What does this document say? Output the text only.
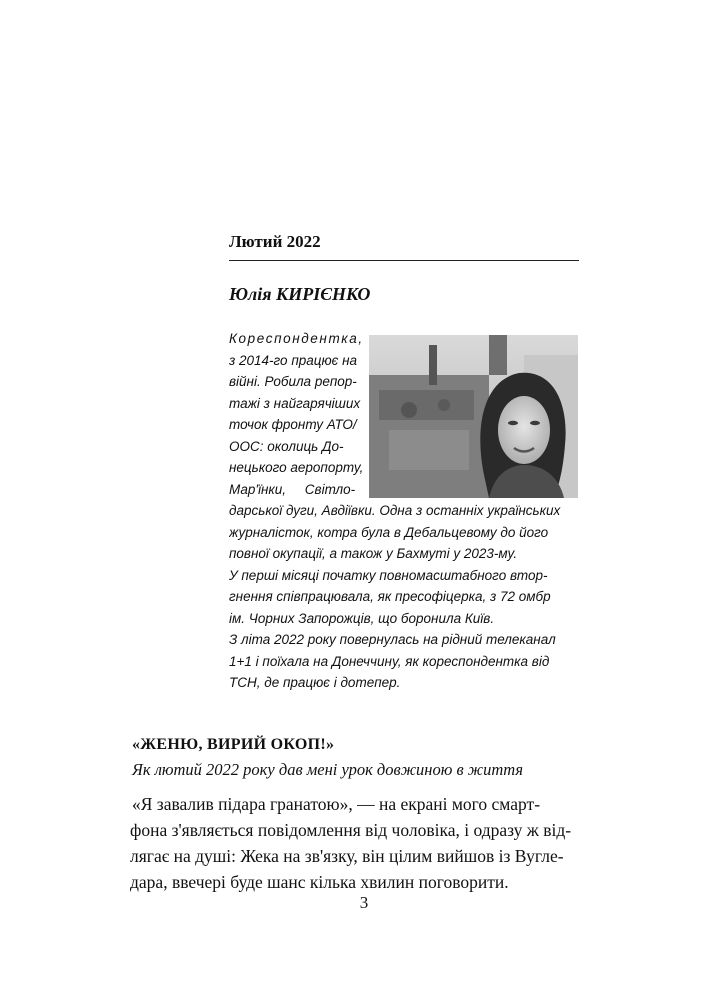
Лютий 2022
Юлія КИРІЄНКО
Кореспондентка,
з 2014-го працює на
війні. Робила репор-
тажі з найгарячіших
точок фронту АТО/
ООС: околиць До-
нецького аеропорту,
Мар'їнки,     Світло-
дарської дуги, Авдіївки. Одна з останніх українських
журналісток, котра була в Дебальцевому до його
повної окупації, а також у Бахмуті у 2023-му.
У перші місяці початку повномасштабного втор-
гнення співпрацювала, як пресофіцерка, з 72 омбр
ім. Чорних Запорожців, що боронила Київ.
З літа 2022 року повернулась на рідний телеканал
1+1 і поїхала на Донеччину, як кореспондентка від
ТСН, де працює і дотепер.
«ЖЕНЮ, ВИРИЙ ОКОП!»
Як лютий 2022 року дав мені урок довжиною в життя
«Я завалив підара гранатою», — на екрані мого смарт-
фона з'являється повідомлення від чоловіка, і одразу ж від-
лягає на душі: Жека на зв'язку, він цілим вийшов із Вугле-
дара, ввечері буде шанс кілька хвилин поговорити.
3
